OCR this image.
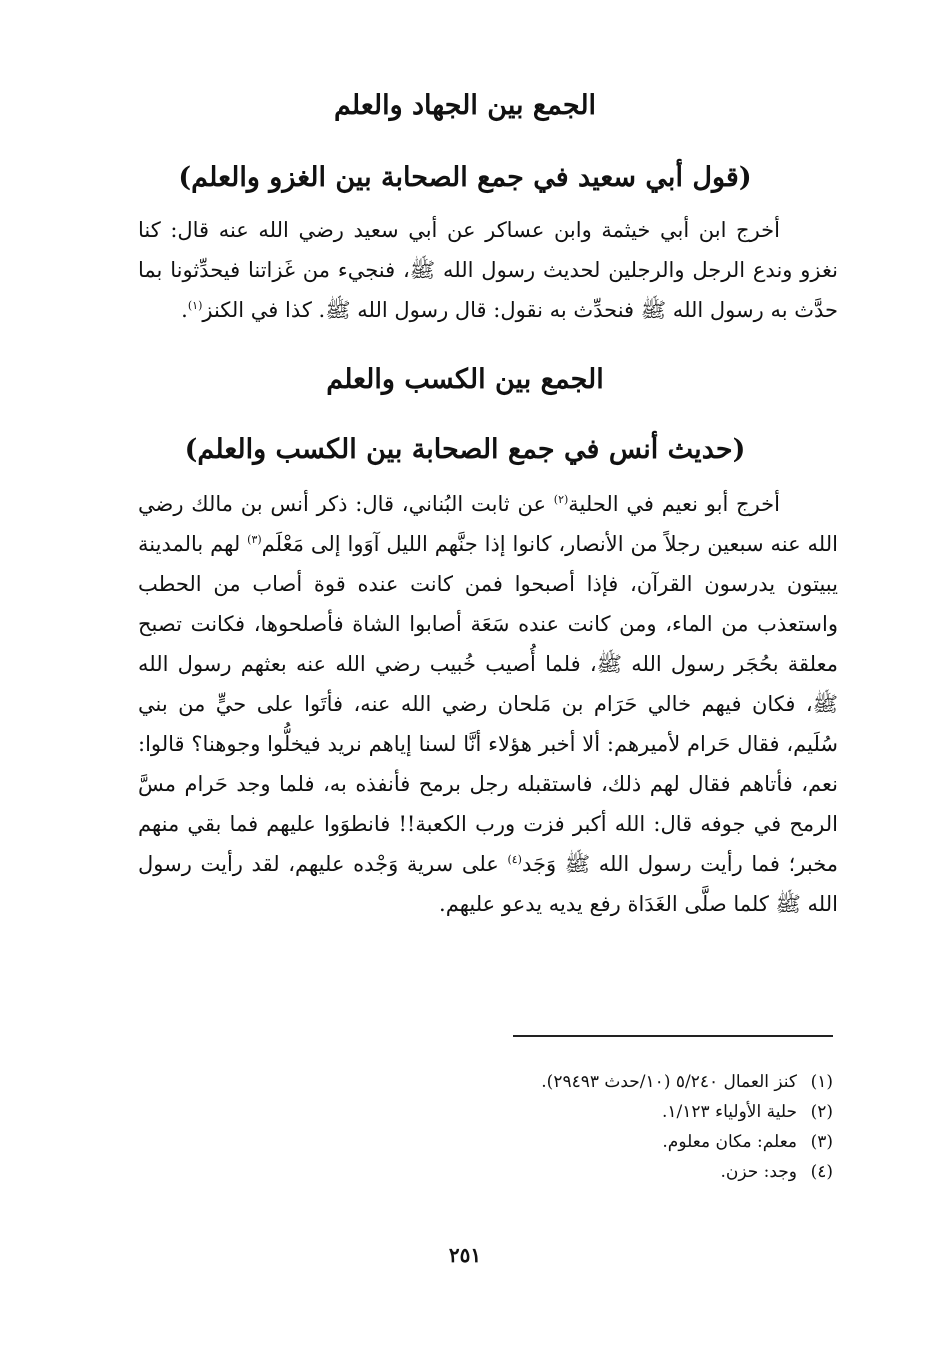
الجمع بين الجهاد والعلم
(قول أبي سعيد في جمع الصحابة بين الغزو والعلم)

أخرج ابن أبي خيثمة وابن عساكر عن أبي سعيد رضي الله عنه قال: كنا نغزو وندع الرجل والرجلين لحديث رسول الله ﷺ، فنجيء من غَزاتنا فيحدِّثونا بما حدَّث به رسول الله ﷺ فنحدِّث به نقول: قال رسول الله ﷺ. كذا في الكنز$^{(١)}$.

الجمع بين الكسب والعلم
(حديث أنس في جمع الصحابة بين الكسب والعلم)

أخرج أبو نعيم في الحلية$^{(٢)}$ عن ثابت البُناني، قال: ذكر أنس بن مالك رضي الله عنه سبعين رجلاً من الأنصار، كانوا إذا جنَّهم الليل آوَوا إلى مَعْلَم$^{(٣)}$ لهم بالمدينة يبيتون يدرسون القرآن، فإذا أصبحوا فمن كانت عنده قوة أصاب من الحطب واستعذب من الماء، ومن كانت عنده سَعَة أصابوا الشاة فأصلحوها، فكانت تصبح معلقة بحُجَر رسول الله ﷺ، فلما أُصيب خُبيب رضي الله عنه بعثهم رسول الله ﷺ، فكان فيهم خالي حَرَام بن مَلحان رضي الله عنه، فأتَوا على حيٍّ من بني سُلَيم، فقال حَرام لأميرهم: ألا أخبر هؤلاء أنَّا لسنا إياهم نريد فيخلُّوا وجوهنا؟ قالوا: نعم، فأتاهم فقال لهم ذلك، فاستقبله رجل برمح فأنفذه به، فلما وجد حَرام مسَّ الرمح في جوفه قال: الله أكبر فزت ورب الكعبة!! فانطوَوا عليهم فما بقي منهم مخبر؛ فما رأيت رسول الله ﷺ وَجَد$^{(٤)}$ على سرية وَجْده عليهم، لقد رأيت رسول الله ﷺ كلما صلَّى الغَدَاة رفع يديه يدعو عليهم.

(١)كنز العمال ٥/٢٤٠ (١٠/حدث ٢٩٤٩٣).
(٢)حلية الأولياء ١/١٢٣.
(٣)معلم: مكان معلوم.
(٤)وجد: حزن.
٢٥١
